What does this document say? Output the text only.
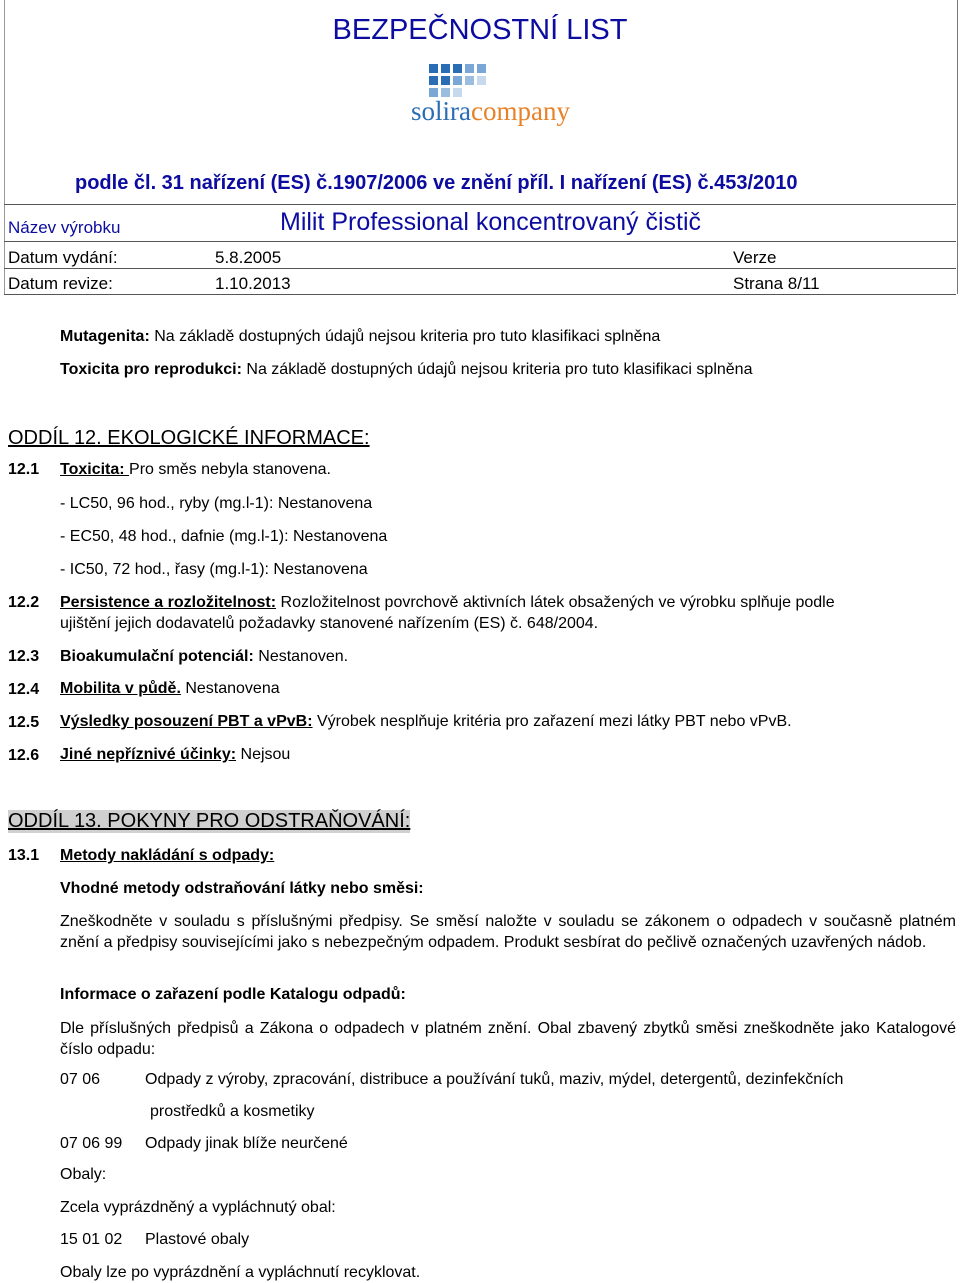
BEZPEČNOSTNÍ LIST
soliracompany
podle čl. 31 nařízení (ES) č.1907/2006 ve znění příl. I nařízení (ES) č.453/2010
Název výrobku	Milit Professional koncentrovaný čistič
Datum vydání:	5.8.2005	Verze
Datum revize:	1.10.2013	Strana 8/11
Mutagenita: Na základě dostupných údajů nejsou kriteria pro tuto klasifikaci splněna
Toxicita pro reprodukci: Na základě dostupných údajů nejsou kriteria pro tuto klasifikaci splněna
ODDÍL 12. EKOLOGICKÉ INFORMACE:
12.1 Toxicita: Pro směs nebyla stanovena.
- LC50, 96 hod., ryby (mg.l-1): Nestanovena
- EC50, 48 hod., dafnie (mg.l-1): Nestanovena
- IC50, 72 hod., řasy (mg.l-1): Nestanovena
12.2 Persistence a rozložitelnost: Rozložitelnost povrchově aktivních látek obsažených ve výrobku splňuje podle
ujištění jejich dodavatelů požadavky stanovené nařízením (ES) č. 648/2004.
12.3 Bioakumulační potenciál: Nestanoven.
12.4 Mobilita v půdě. Nestanovena
12.5 Výsledky posouzení PBT a vPvB: Výrobek nesplňuje kritéria pro zařazení mezi látky PBT nebo vPvB.
12.6 Jiné nepříznivé účinky: Nejsou
ODDÍL 13. POKYNY PRO ODSTRAŇOVÁNÍ:
13.1 Metody nakládání s odpady:
Vhodné metody odstraňování látky nebo směsi:
Zneškodněte v souladu s příslušnými předpisy. Se směsí naložte v souladu se zákonem o odpadech v současně platném znění a předpisy souvisejícími jako s nebezpečným odpadem. Produkt sesbírat do pečlivě označených uzavřených nádob.
Informace o zařazení podle Katalogu odpadů:
Dle příslušných předpisů a Zákona o odpadech v platném znění. Obal zbavený zbytků směsi zneškodněte jako Katalogové číslo odpadu:
07 06	Odpady z výroby, zpracování, distribuce a používání tuků, maziv, mýdel, detergentů, dezinfekčních
prostředků a kosmetiky
07 06 99 Odpady jinak blíže neurčené
Obaly:
Zcela vyprázdněný a vypláchnutý obal:
15 01 02 Plastové obaly
Obaly lze po vyprázdnění a vypláchnutí recyklovat.
